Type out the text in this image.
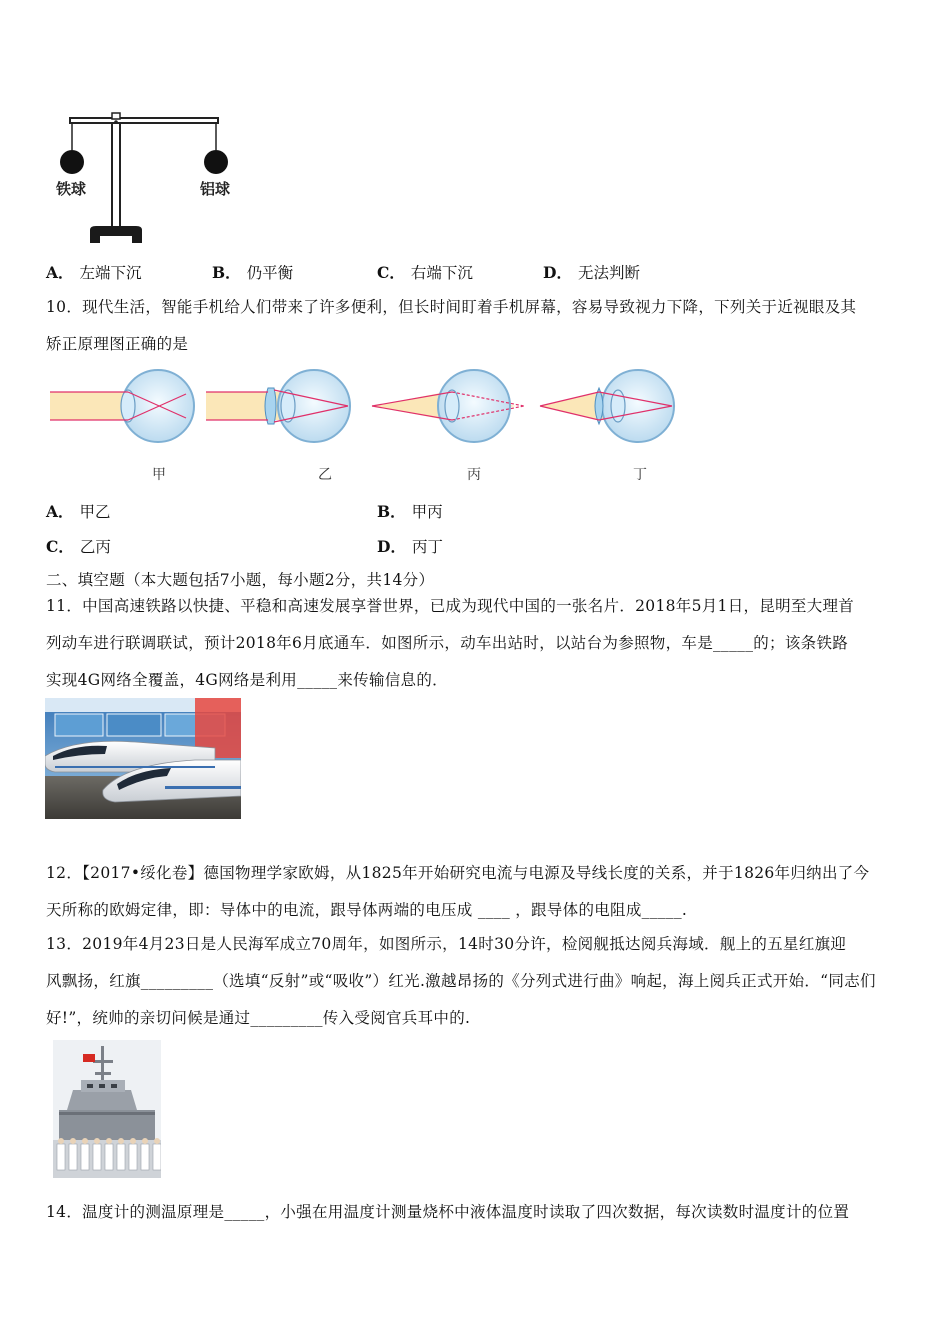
铁球	铝球
A． 左端下沉	B． 仍平衡	C． 右端下沉	D． 无法判断
10．现代生活，智能手机给人们带来了许多便利，但长时间盯着手机屏幕，容易导致视力下降，下列关于近视眼及其
矫正原理图正确的是
甲	乙	丙	丁
A． 甲乙	B． 甲丙
C． 乙丙	D． 丙丁
二、填空题（本大题包括7小题，每小题2分，共14分）
11．中国高速铁路以快捷、平稳和高速发展享誉世界，已成为现代中国的一张名片．2018年5月1日，昆明至大理首
列动车进行联调联试，预计2018年6月底通车．如图所示，动车出站时，以站台为参照物，车是_____的；该条铁路
实现4G网络全覆盖，4G网络是利用_____来传输信息的．
12．【2017•绥化卷】德国物理学家欧姆，从1825年开始研究电流与电源及导线长度的关系，并于1826年归纳出了今
天所称的欧姆定律，即：导体中的电流，跟导体两端的电压成 ____ ，跟导体的电阻成_____.
13．2019年4月23日是人民海军成立70周年，如图所示，14时30分许，检阅舰抵达阅兵海域．舰上的五星红旗迎
风飘扬，红旗_________（选填“反射”或“吸收”）红光.激越昂扬的《分列式进行曲》响起，海上阅兵正式开始．“同志们
好!”，统帅的亲切问候是通过_________传入受阅官兵耳中的.
14．温度计的测温原理是_____，小强在用温度计测量烧杯中液体温度时读取了四次数据，每次读数时温度计的位置
